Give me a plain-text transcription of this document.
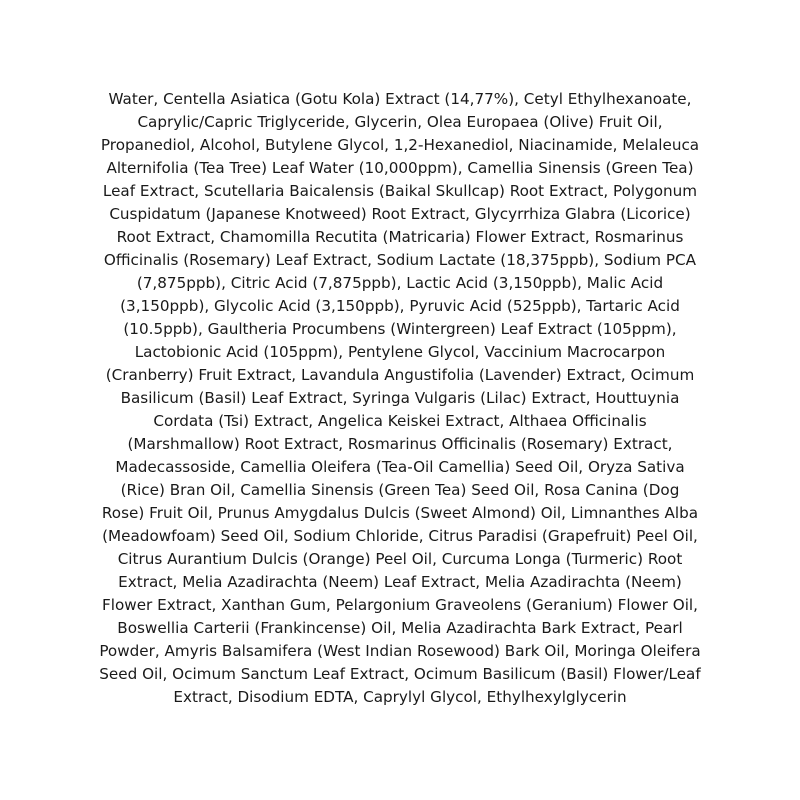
Water, Centella Asiatica (Gotu Kola) Extract (14,77%), Cetyl Ethylhexanoate,
Caprylic/Capric Triglyceride, Glycerin, Olea Europaea (Olive) Fruit Oil,
Propanediol, Alcohol, Butylene Glycol, 1,2-Hexanediol, Niacinamide, Melaleuca
Alternifolia (Tea Tree) Leaf Water (10,000ppm), Camellia Sinensis (Green Tea)
Leaf Extract, Scutellaria Baicalensis (Baikal Skullcap) Root Extract, Polygonum
Cuspidatum (Japanese Knotweed) Root Extract, Glycyrrhiza Glabra (Licorice)
Root Extract, Chamomilla Recutita (Matricaria) Flower Extract, Rosmarinus
Officinalis (Rosemary) Leaf Extract, Sodium Lactate (18,375ppb), Sodium PCA
(7,875ppb), Citric Acid (7,875ppb), Lactic Acid (3,150ppb), Malic Acid
(3,150ppb), Glycolic Acid (3,150ppb), Pyruvic Acid (525ppb), Tartaric Acid
(10.5ppb), Gaultheria Procumbens (Wintergreen) Leaf Extract (105ppm),
Lactobionic Acid (105ppm), Pentylene Glycol, Vaccinium Macrocarpon
(Cranberry) Fruit Extract, Lavandula Angustifolia (Lavender) Extract, Ocimum
Basilicum (Basil) Leaf Extract, Syringa Vulgaris (Lilac) Extract, Houttuynia
Cordata (Tsi) Extract, Angelica Keiskei Extract, Althaea Officinalis
(Marshmallow) Root Extract, Rosmarinus Officinalis (Rosemary) Extract,
Madecassoside, Camellia Oleifera (Tea-Oil Camellia) Seed Oil, Oryza Sativa
(Rice) Bran Oil, Camellia Sinensis (Green Tea) Seed Oil, Rosa Canina (Dog
Rose) Fruit Oil, Prunus Amygdalus Dulcis (Sweet Almond) Oil, Limnanthes Alba
(Meadowfoam) Seed Oil, Sodium Chloride, Citrus Paradisi (Grapefruit) Peel Oil,
Citrus Aurantium Dulcis (Orange) Peel Oil, Curcuma Longa (Turmeric) Root
Extract, Melia Azadirachta (Neem) Leaf Extract, Melia Azadirachta (Neem)
Flower Extract, Xanthan Gum, Pelargonium Graveolens (Geranium) Flower Oil,
Boswellia Carterii (Frankincense) Oil, Melia Azadirachta Bark Extract, Pearl
Powder, Amyris Balsamifera (West Indian Rosewood) Bark Oil, Moringa Oleifera
Seed Oil, Ocimum Sanctum Leaf Extract, Ocimum Basilicum (Basil) Flower/Leaf
Extract, Disodium EDTA, Caprylyl Glycol, Ethylhexylglycerin
